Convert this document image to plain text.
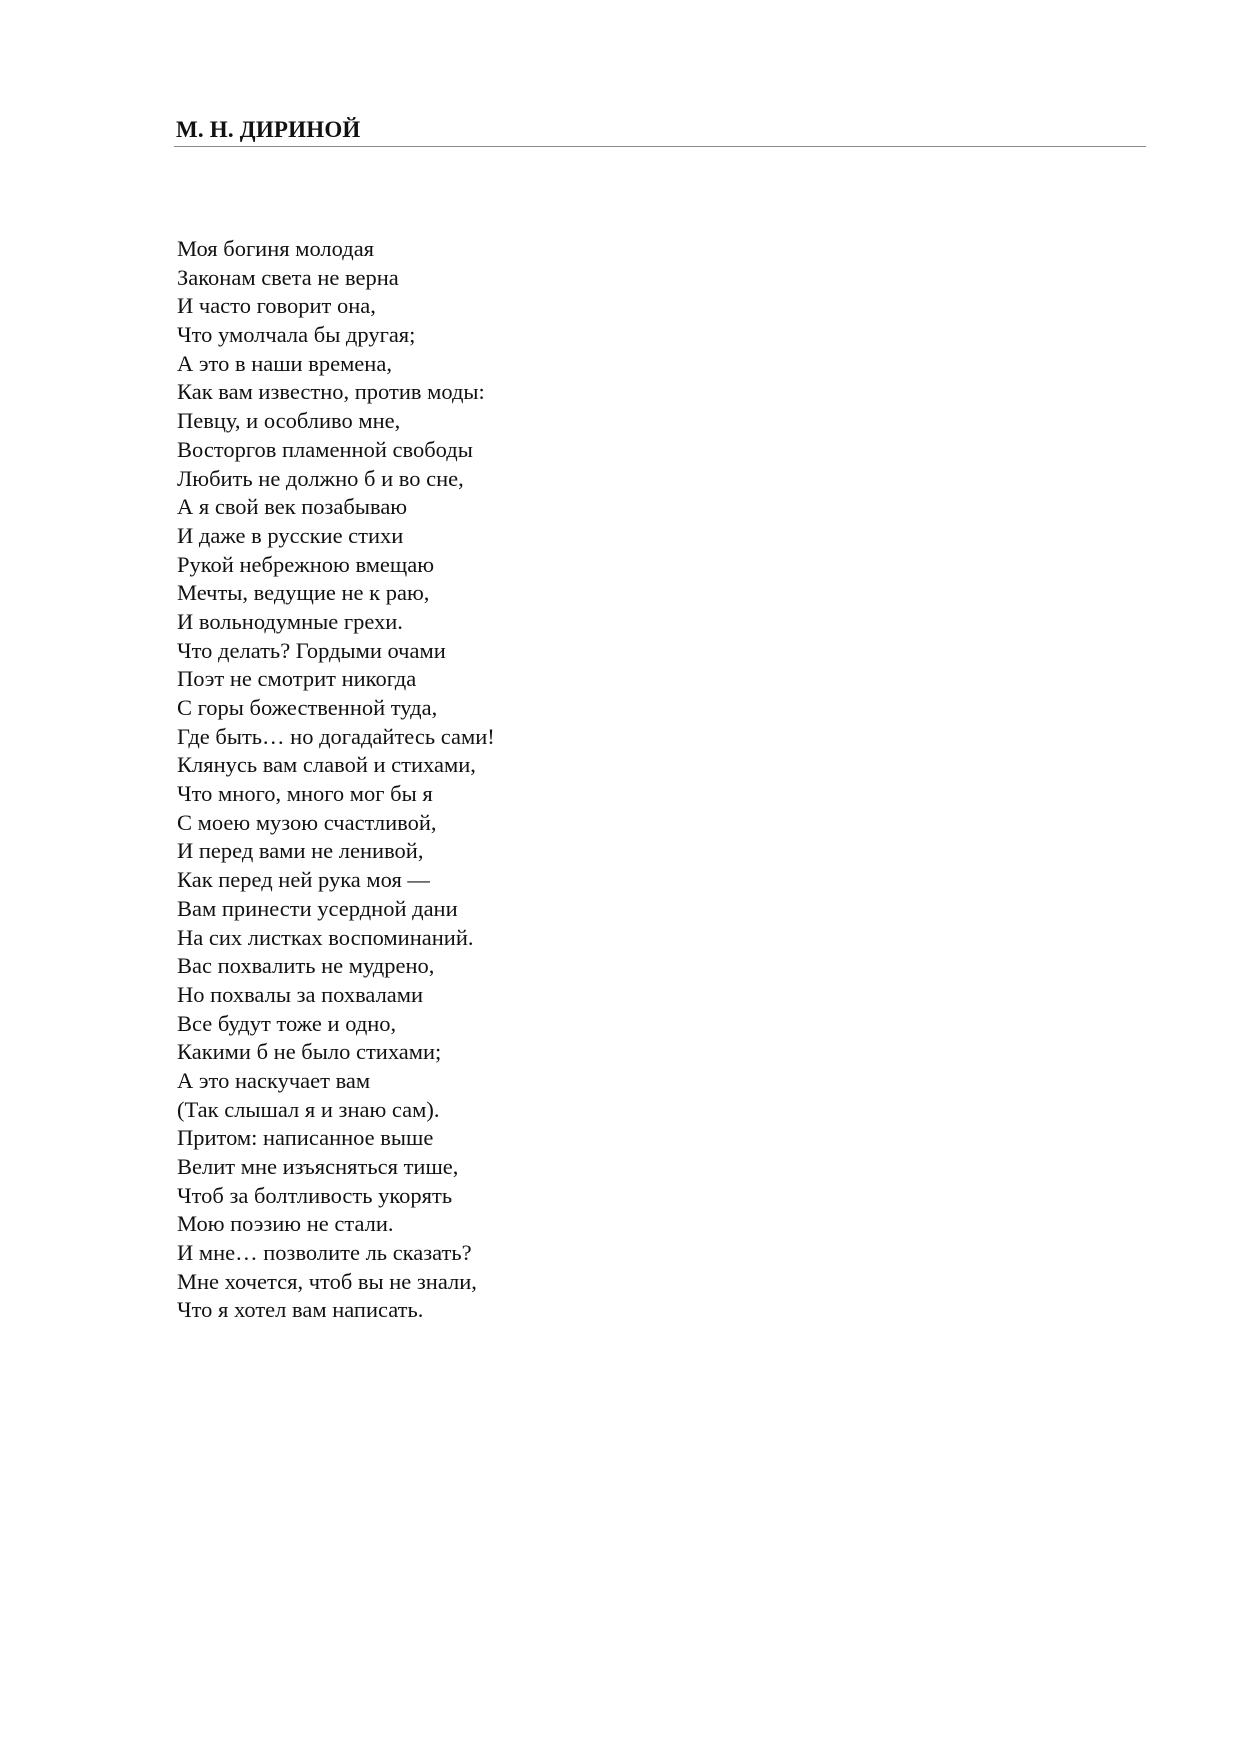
М. Н. ДИРИНОЙ
Моя богиня молодая
Законам света не верна
И часто говорит она,
Что умолчала бы другая;
А это в наши времена,
Как вам известно, против моды:
Певцу, и особливо мне,
Восторгов пламенной свободы
Любить не должно б и во сне,
А я свой век позабываю
И даже в русские стихи
Рукой небрежною вмещаю
Мечты, ведущие не к раю,
И вольнодумные грехи.
Что делать? Гордыми очами
Поэт не смотрит никогда
С горы божественной туда,
Где быть… но догадайтесь сами!
Клянусь вам славой и стихами,
Что много, много мог бы я
С моею музою счастливой,
И перед вами не ленивой,
Как перед ней рука моя —
Вам принести усердной дани
На сих листках воспоминаний.
Вас похвалить не мудрено,
Но похвалы за похвалами
Все будут тоже и одно,
Какими б не было стихами;
А это наскучает вам
(Так слышал я и знаю сам).
Притом: написанное выше
Велит мне изъясняться тише,
Чтоб за болтливость укорять
Мою поэзию не стали.
И мне… позволите ль сказать?
Мне хочется, чтоб вы не знали,
Что я хотел вам написать.
